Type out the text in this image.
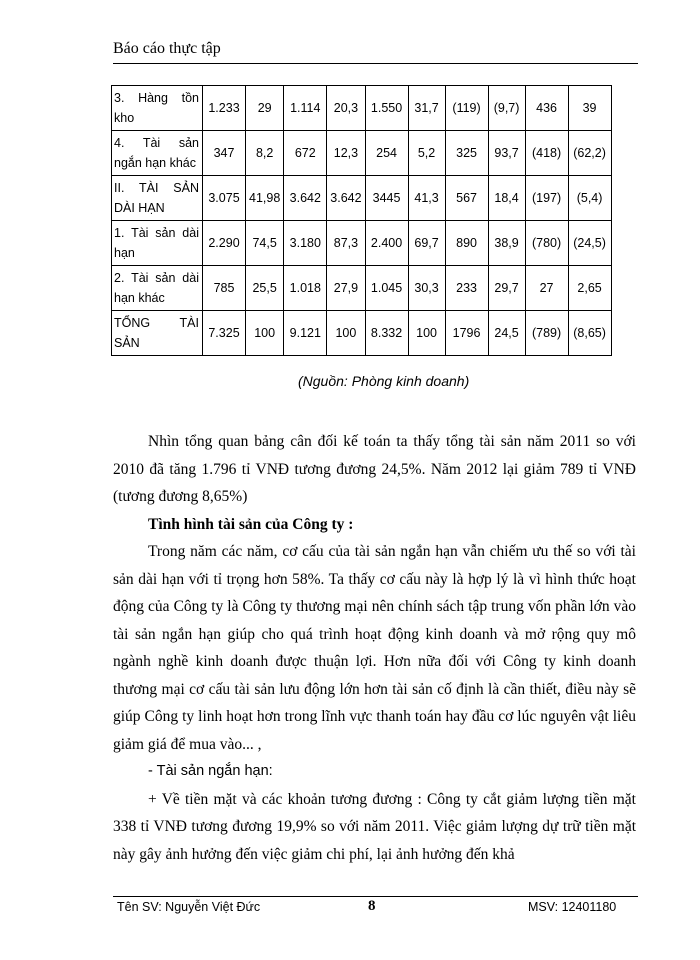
Báo cáo thực tập
3. Hàng tồn kho	1.233	29	1.114	20,3	1.550	31,7	(119)	(9,7)	436	39
4. Tài sản ngắn hạn khác	347	8,2	672	12,3	254	5,2	325	93,7	(418)	(62,2)
II. TÀI SẢN DÀI HẠN	3.075	41,98	3.642	3.642	3445	41,3	567	18,4	(197)	(5,4)
1. Tài sản dài hạn	2.290	74,5	3.180	87,3	2.400	69,7	890	38,9	(780)	(24,5)
2. Tài sản dài hạn khác	785	25,5	1.018	27,9	1.045	30,3	233	29,7	27	2,65
TỔNG TÀI SẢN	7.325	100	9.121	100	8.332	100	1796	24,5	(789)	(8,65)
(Nguồn: Phòng kinh doanh)

Nhìn tổng quan bảng cân đối kế toán ta thấy tổng tài sản năm 2011 so với 2010 đã tăng 1.796 tỉ VNĐ tương đương 24,5%. Năm 2012 lại giảm 789 tỉ VNĐ (tương đương 8,65%)

Tình hình tài sản của Công ty :

Trong năm các năm, cơ cấu của tài sản ngắn hạn vẫn chiếm ưu thế so với tài sản dài hạn với tỉ trọng hơn 58%. Ta thấy cơ cấu này là hợp lý là vì hình thức hoạt động của Công ty là Công ty thương mại nên chính sách tập trung vốn phần lớn vào tài sản ngắn hạn giúp cho quá trình hoạt động kinh doanh và mở rộng quy mô ngành nghề kinh doanh được thuận lợi. Hơn nữa đối với Công ty kinh doanh thương mại cơ cấu tài sản lưu động lớn hơn tài sản cố định là cần thiết, điều này sẽ giúp Công ty linh hoạt hơn trong lĩnh vực thanh toán hay đầu cơ lúc nguyên vật liêu giảm giá để mua vào... ,

- Tài sản ngắn hạn:

+ Về tiền mặt và các khoản tương đương : Công ty cắt giảm lượng tiền mặt 338 tỉ VNĐ tương đương 19,9% so với năm 2011. Việc giảm lượng dự trữ tiền mặt này gây ảnh hưởng đến việc giảm chi phí, lại ảnh hưởng đến khả

Tên SV: Nguyễn Việt Đức	8	MSV: 12401180
